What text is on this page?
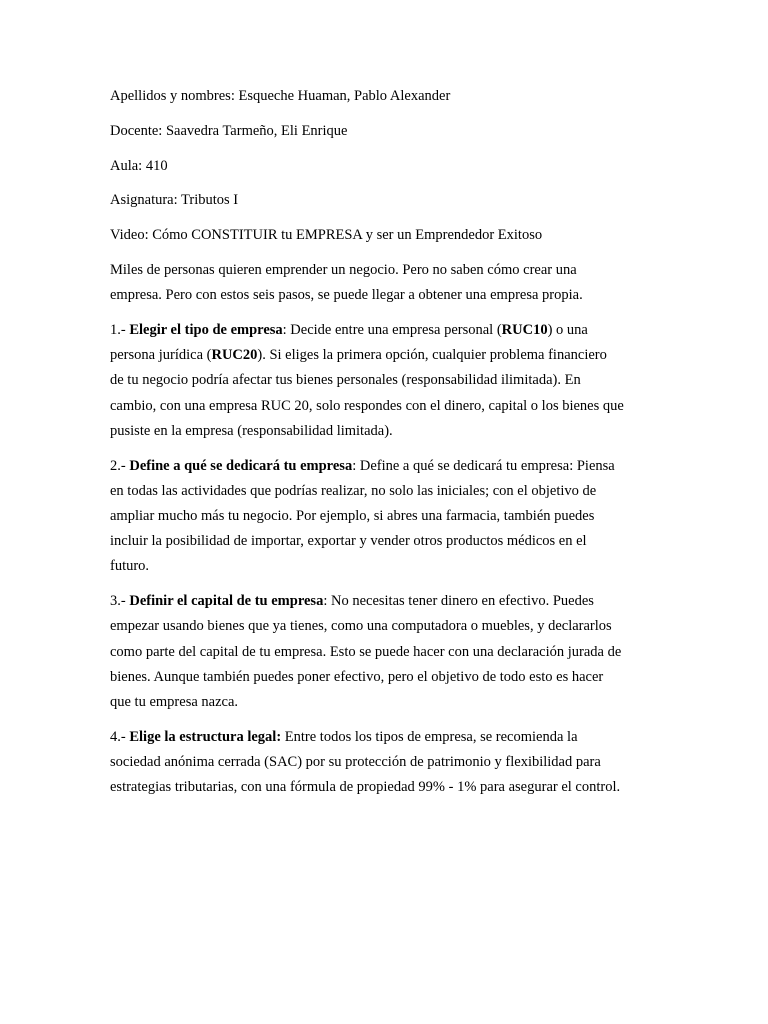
Apellidos y nombres: Esqueche Huaman, Pablo Alexander

Docente: Saavedra Tarmeño, Eli Enrique

Aula: 410

Asignatura: Tributos I

Video: Cómo CONSTITUIR tu EMPRESA y ser un Emprendedor Exitoso

Miles de personas quieren emprender un negocio. Pero no saben cómo crear una
empresa. Pero con estos seis pasos, se puede llegar a obtener una empresa propia.

1.- Elegir el tipo de empresa: Decide entre una empresa personal (RUC10) o una
persona jurídica (RUC20). Si eliges la primera opción, cualquier problema financiero
de tu negocio podría afectar tus bienes personales (responsabilidad ilimitada). En
cambio, con una empresa RUC 20, solo respondes con el dinero, capital o los bienes que
pusiste en la empresa (responsabilidad limitada).

2.- Define a qué se dedicará tu empresa: Define a qué se dedicará tu empresa: Piensa
en todas las actividades que podrías realizar, no solo las iniciales; con el objetivo de
ampliar mucho más tu negocio. Por ejemplo, si abres una farmacia, también puedes
incluir la posibilidad de importar, exportar y vender otros productos médicos en el
futuro.

3.- Definir el capital de tu empresa: No necesitas tener dinero en efectivo. Puedes
empezar usando bienes que ya tienes, como una computadora o muebles, y declararlos
como parte del capital de tu empresa. Esto se puede hacer con una declaración jurada de
bienes. Aunque también puedes poner efectivo, pero el objetivo de todo esto es hacer
que tu empresa nazca.

4.- Elige la estructura legal: Entre todos los tipos de empresa, se recomienda la
sociedad anónima cerrada (SAC) por su protección de patrimonio y flexibilidad para
estrategias tributarias, con una fórmula de propiedad 99% - 1% para asegurar el control.
